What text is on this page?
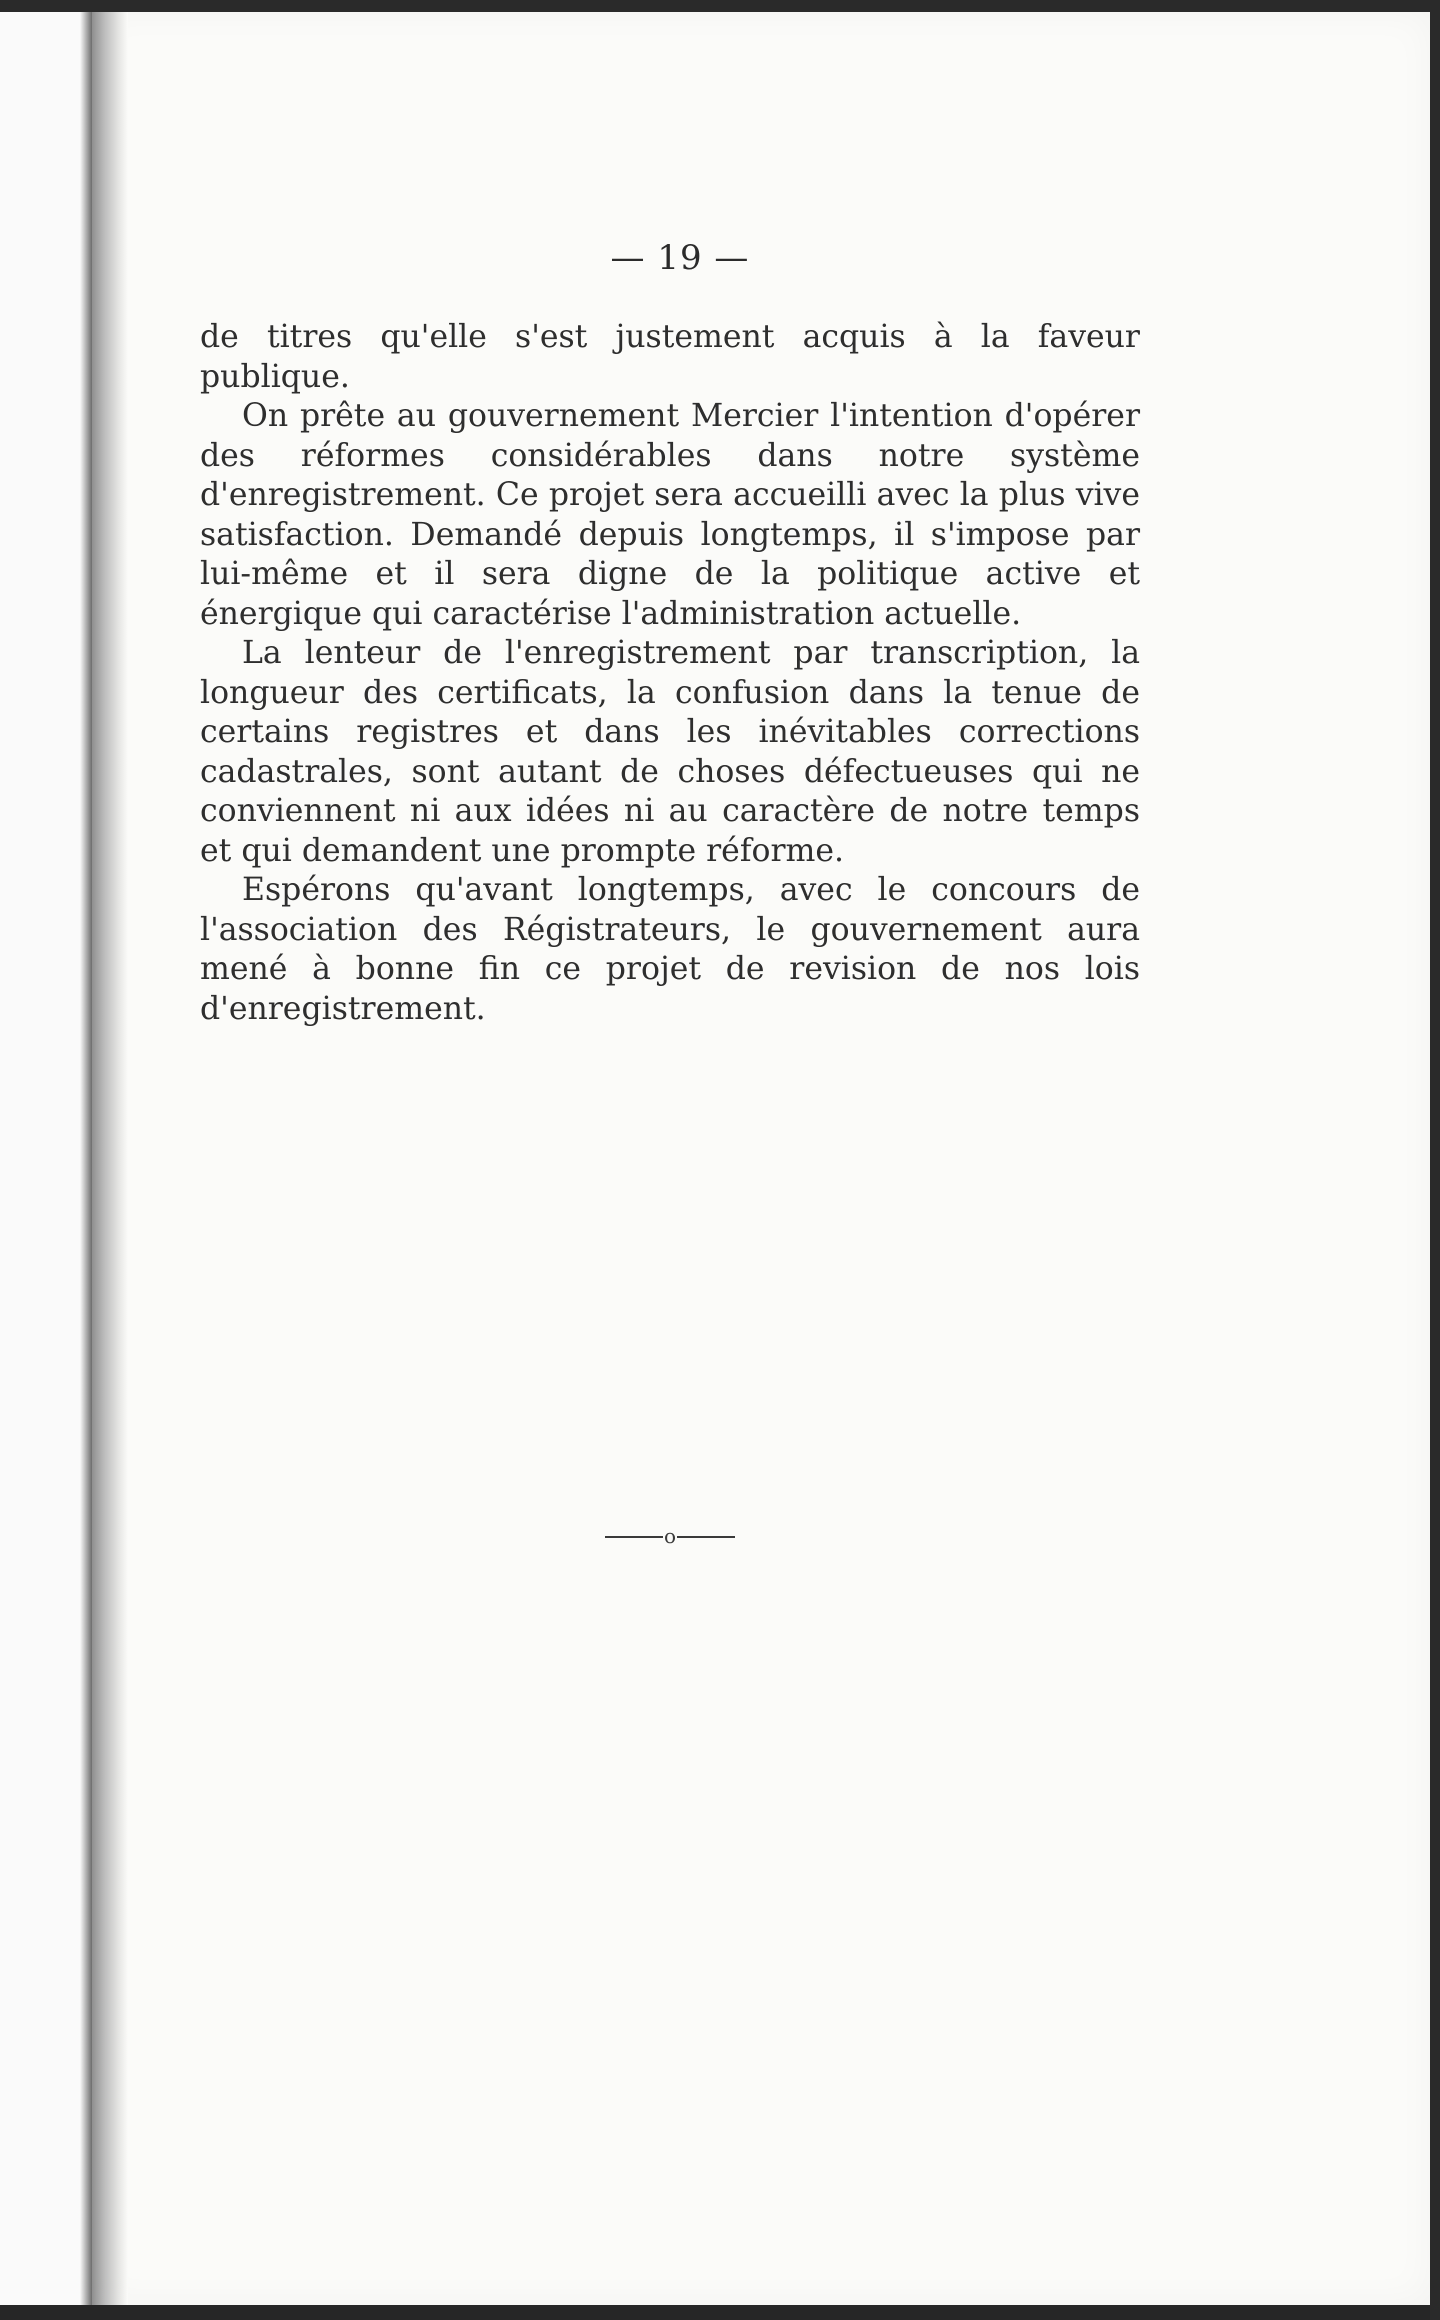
— 19 —

de titres qu'elle s'est justement acquis à la faveur publique.

On prête au gouvernement Mercier l'intention d'opérer des réformes considérables dans notre système d'enregistrement. Ce projet sera accueilli avec la plus vive satisfaction. Demandé depuis longtemps, il s'impose par lui-même et il sera digne de la politique active et énergique qui caractérise l'administration actuelle.

La lenteur de l'enregistrement par transcription, la longueur des certificats, la confusion dans la tenue de certains registres et dans les inévitables corrections cadastrales, sont autant de choses défectueuses qui ne conviennent ni aux idées ni au caractère de notre temps et qui demandent une prompte réforme.

Espérons qu'avant longtemps, avec le concours de l'association des Régistrateurs, le gouvernement aura mené à bonne fin ce projet de revision de nos lois d'enregistrement.

o
